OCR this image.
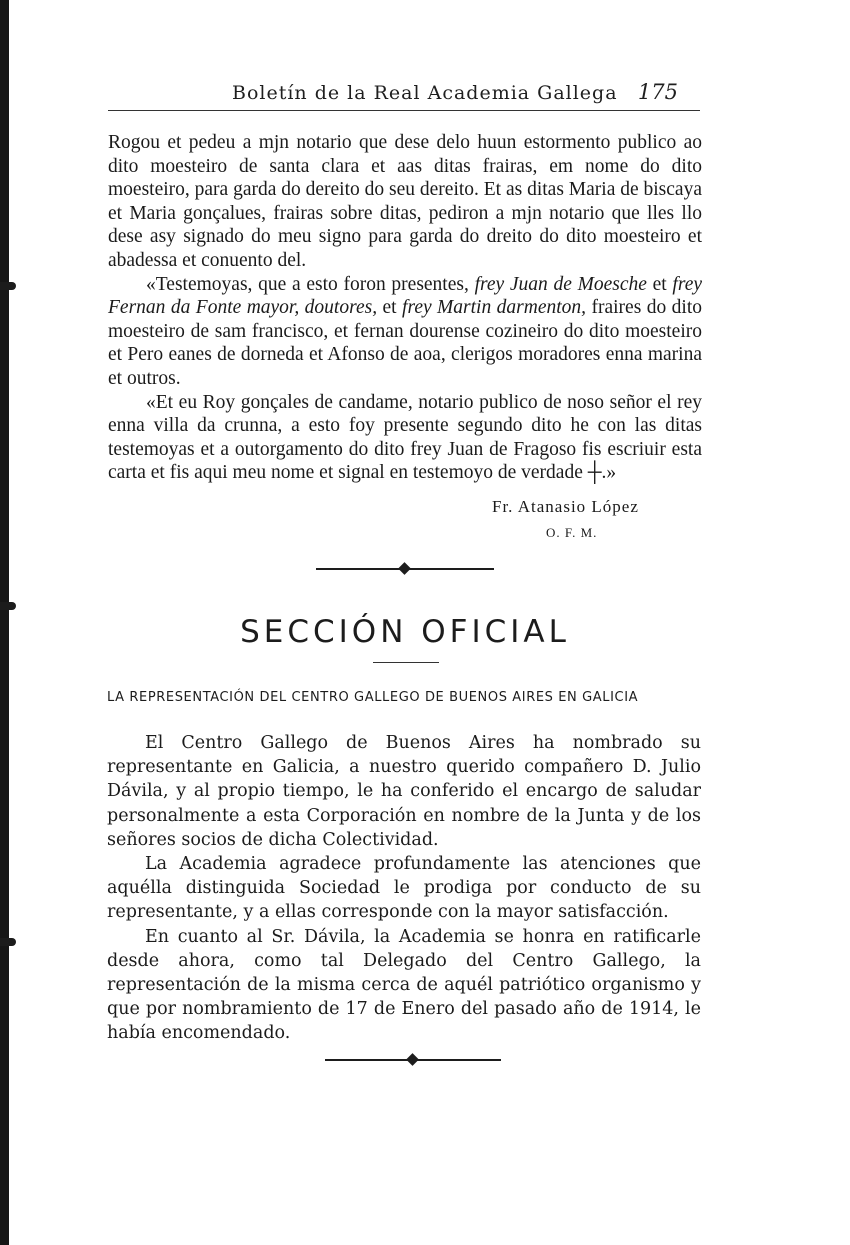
Boletín de la Real Academia Gallega 175

Rogou et pedeu a mjn notario que dese delo huun estormento publico ao dito moesteiro de santa clara et aas ditas frairas, em nome do dito moesteiro, para garda do dereito do seu dereito. Et as ditas Maria de biscaya et Maria gonçalues, frairas sobre ditas, pediron a mjn notario que lles llo dese asy signado do meu signo para garda do dreito do dito moesteiro et abadessa et conuento del.

«Testemoyas, que a esto foron presentes, frey Juan de Moesche et frey Fernan da Fonte mayor, doutores, et frey Martin darmenton, fraires do dito moesteiro de sam francisco, et fernan dourense cozineiro do dito moesteiro et Pero eanes de dorneda et Afonso de aoa, clerigos moradores enna marina et outros.

«Et eu Roy gonçales de candame, notario publico de noso señor el rey enna villa da crunna, a esto foy presente segundo dito he con las ditas testemoyas et a outorgamento do dito frey Juan de Fragoso fis escriuir esta carta et fis aqui meu nome et signal en testemoyo de verdade ┼.»

Fr. Atanasio López
O. F. M.
SECCIÓN OFICIAL
LA REPRESENTACIÓN DEL CENTRO GALLEGO DE BUENOS AIRES EN GALICIA

El Centro Gallego de Buenos Aires ha nombrado su representante en Galicia, a nuestro querido compañero D. Julio Dávila, y al propio tiempo, le ha conferido el encargo de saludar personalmente a esta Corporación en nombre de la Junta y de los señores socios de dicha Colectividad.

La Academia agradece profundamente las atenciones que aquélla distinguida Sociedad le prodiga por conducto de su representante, y a ellas corresponde con la mayor satisfacción.

En cuanto al Sr. Dávila, la Academia se honra en ratificarle desde ahora, como tal Delegado del Centro Gallego, la representación de la misma cerca de aquél patriótico organismo y que por nombramiento de 17 de Enero del pasado año de 1914, le había encomendado.
